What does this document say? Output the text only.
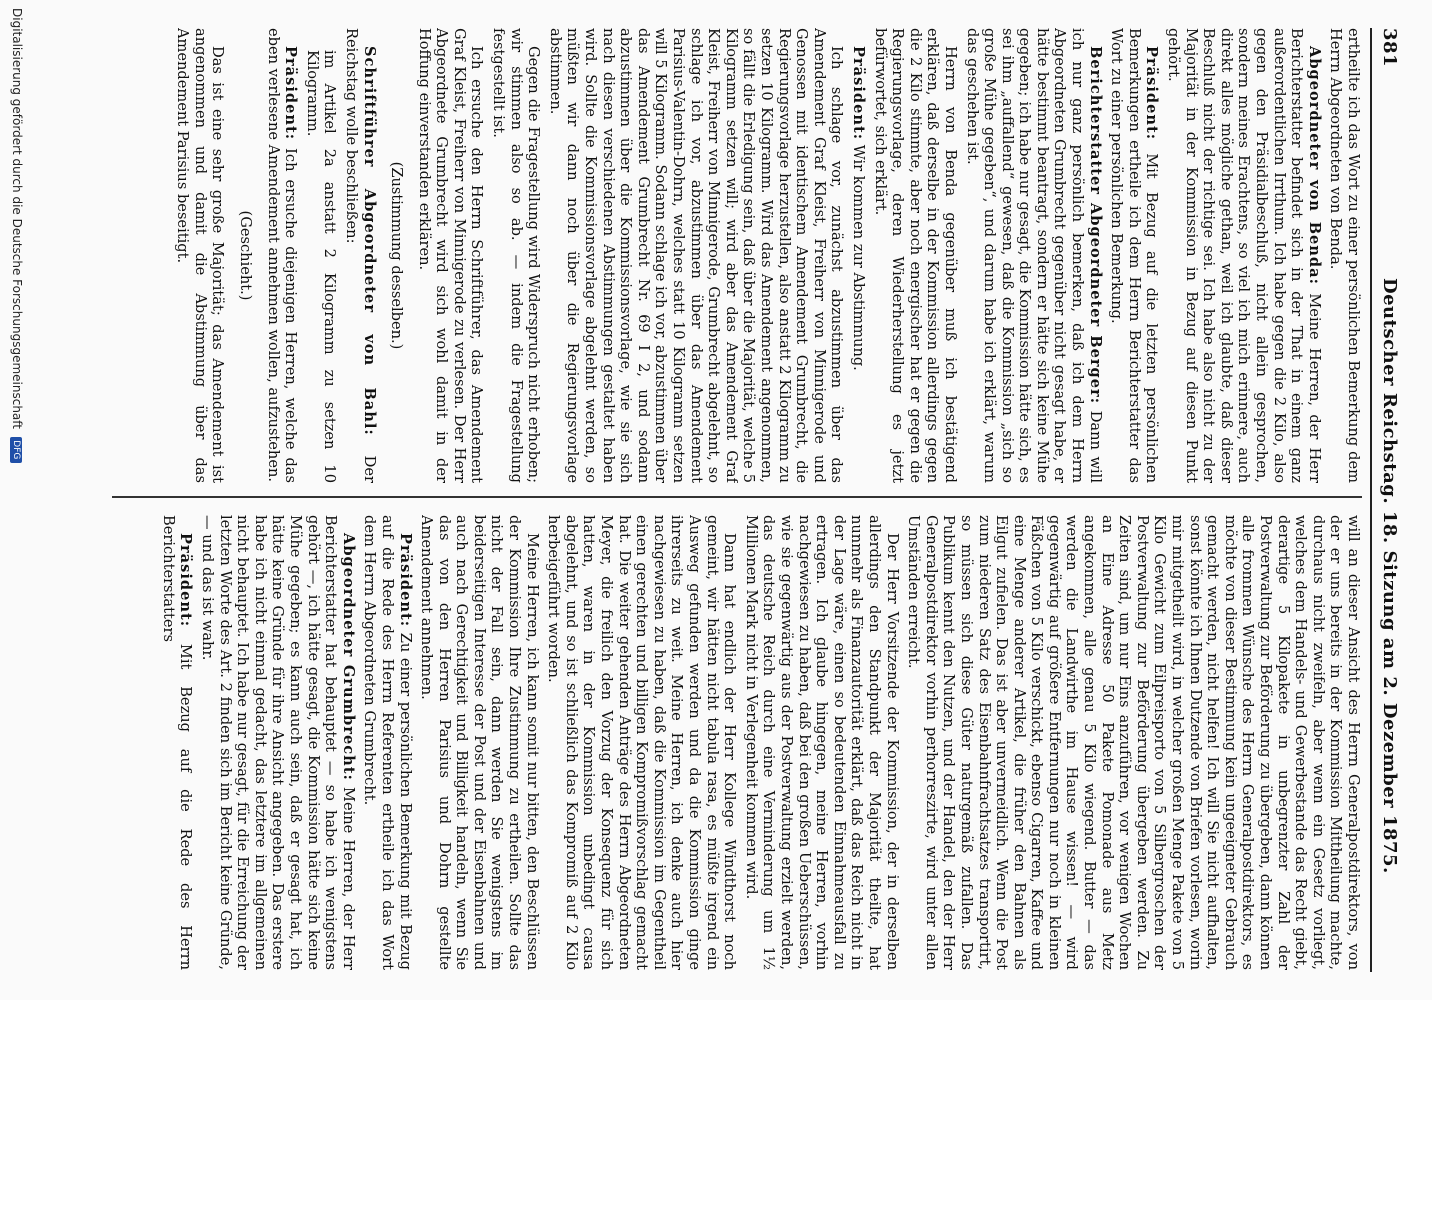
381
Deutscher Reichstag. 18. Sitzung am 2. Dezember 1875.

ertheilte ich das Wort zu einer persönlichen Bemerkung dem Herrn Abgeordneten von Benda.

Abgeordneter von Benda: Meine Herren, der Herr Berichterstatter befindet sich in der That in einem ganz außerordentlichen Irrthum. Ich habe gegen die 2 Kilo, also gegen den Präsidialbeschluß, nicht allein gesprochen, sondern meines Erachtens, so viel ich mich erinnere, auch direkt alles mögliche gethan, weil ich glaubte, daß dieser Beschluß nicht der richtige sei. Ich habe also nicht zu der Majorität in der Kommission in Bezug auf diesen Punkt gehört.

Präsident: Mit Bezug auf die letzten persönlichen Bemerkungen ertheile ich dem Herrn Berichterstatter das Wort zu einer persönlichen Bemerkung.

Berichterstatter Abgeordneter Berger: Dann will ich nur ganz persönlich bemerken, daß ich dem Herrn Abgeordneten Grumbrecht gegenüber nicht gesagt habe, er hätte bestimmt beantragt, sondern er hätte sich keine Mühe gegeben; ich habe nur gesagt, die Kommission hätte sich, es sei ihm „auffallend“ gewesen, daß die Kommission „sich so große Mühe gegeben“, und darum habe ich erklärt, warum das geschehen ist.

Herrn von Benda gegenüber muß ich bestätigend erklären, daß derselbe in der Kommission allerdings gegen die 2 Kilo stimmte, aber noch energischer hat er gegen die Regierungsvorlage, deren Wiederherstellung es jetzt befürwortet, sich erklärt.

Präsident: Wir kommen zur Abstimmung.

Ich schlage vor, zunächst abzustimmen über das Amendement Graf Kleist, Freiherr von Minnigerode und Genossen mit identischem Amendement Grumbrecht, die Regierungsvorlage herzustellen, also anstatt 2 Kilogramm zu setzen 10 Kilogramm. Wird das Amendement angenommen, so fällt die Erledigung sein, daß über die Majorität, welche 5 Kilogramm setzen will; wird aber das Amendement Graf Kleist, Freiherr von Minnigerode, Grumbrecht abgelehnt, so schlage ich vor, abzustimmen über das Amendement Parisius-Valentin-Dohrn, welches statt 10 Kilogramm setzen will 5 Kilogramm. Sodann schlage ich vor, abzustimmen über das Amendement Grumbrecht Nr. 69 I 2, und sodann abzustimmen über die Kommissionsvorlage, wie sie sich nach diesen verschiedenen Abstimmungen gestaltet haben wird. Sollte die Kommissionsvorlage abgelehnt werden, so müßten wir dann noch über die Regierungsvorlage abstimmen.

Gegen die Fragestellung wird Widerspruch nicht erhoben; wir stimmen also so ab. — indem die Fragestellung festgestellt ist.

Ich ersuche den Herrn Schriftführer, das Amendement Graf Kleist, Freiherr von Minnigerode zu verlesen. Der Herr Abgeordnete Grumbrecht wird sich wohl damit in der Hoffung einverstanden erklären.

(Zustimmung desselben.)

Schriftführer Abgeordneter von Bahl: Der Reichstag wolle beschließen:

im Artikel 2a anstatt 2 Kilogramm zu setzen 10 Kilogramm.

Präsident: Ich ersuche diejenigen Herren, welche das eben verlesene Amendement annehmen wollen, aufzustehen.

(Geschieht.)

Das ist eine sehr große Majorität; das Amendement ist angenommen und damit die Abstimmung über das Amendement Parisius beseitigt.

will an dieser Ansicht des Herrn Generalpostdirektors, von der er uns bereits in der Kommission Mittheilung machte, durchaus nicht zweifeln, aber wenn ein Gesetz vorliegt, welches dem Handels- und Gewerbestande das Recht giebt, derartige 5 Kilopakete in unbegrenzter Zahl der Postverwaltung zur Beförderung zu übergeben, dann können alle frommen Wünsche des Herrn Generalpostdirektors, es möchte von dieser Bestimmung kein ungeeigneter Gebrauch gemacht werden, nicht helfen! Ich will Sie nicht aufhalten, sonst könnte ich Ihnen Dutzende von Briefen vorlesen, worin mir mitgetheilt wird, in welcher großen Menge Pakete von 5 Kilo Gewicht zum Eilpreisporto von 5 Silbergroschen der Postverwaltung zur Beförderung übergeben werden. Zu Zeiten sind, um nur Eins anzuführen, vor wenigen Wochen an Eine Adresse 50 Pakete Pomonade aus Metz angekommen, alle genau 5 Kilo wiegend. Butter — das werden die Landwirthe im Hause wissen! — wird gegenwärtig auf größere Entfernungen nur noch in kleinen Fäßchen von 5 Kilo verschickt, ebenso Cigarren, Kaffee und eine Menge anderer Artikel, die früher den Bahnen als Eilgut zufielen. Das ist aber unvermeidlich. Wenn die Post zum niederen Satz des Eisenbahnfrachtsatzes transportirt, so müssen sich diese Güter naturgemäß zufallen. Das Publikum kennt den Nutzen, und der Handel, den der Herr Generalpostdirektor vorhin perhorreszirte, wird unter allen Umständen erreicht.

Der Herr Vorsitzende der Kommission, der in derselben allerdings den Standpunkt der Majorität theilte, hat nunmehr als Finanzautorität erklärt, daß das Reich nicht in der Lage wäre, einen so bedeutenden Einnahmeausfall zu ertragen. Ich glaube hingegen, meine Herren, vorhin nachgewiesen zu haben, daß bei den großen Ueberschüssen, wie sie gegenwärtig aus der Postverwaltung erzielt werden, das deutsche Reich durch eine Verminderung um 1½ Millionen Mark nicht in Verlegenheit kommen wird.

Dann hat endlich der Herr Kollege Windthorst noch gemeint, wir hätten nicht tabula rasa, es müßte irgend ein Ausweg gefunden werden und da die Kommission ginge ihrerseits zu weit. Meine Herren, ich denke auch hier nachgewiesen zu haben, daß die Kommission im Gegentheil einen gerechten und billigen Kompromißvorschlag gemacht hat. Die weiter gehenden Anträge des Herrn Abgeordneten Meyer, die freilich den Vorzug der Konsequenz für sich hatten, waren in der Kommission unbedingt causa abgelehnt, und so ist schließlich das Kompromiß auf 2 Kilo herbeigeführt worden.

Meine Herren, ich kann somit nur bitten, den Beschlüssen der Kommission Ihre Zustimmung zu ertheilen. Sollte das nicht der Fall sein, dann werden Sie wenigstens im beiderseitigen Interesse der Post und der Eisenbahnen und auch nach Gerechtigkeit und Billigkeit handeln, wenn Sie das von den Herren Parisius und Dohrn gestellte Amendement annehmen.

Präsident: Zu einer persönlichen Bemerkung mit Bezug auf die Rede des Herrn Referenten ertheile ich das Wort dem Herrn Abgeordneten Grumbrecht.

Abgeordneter Grumbrecht: Meine Herren, der Herr Berichterstatter hat behauptet — so habe ich wenigstens gehört —, ich hätte gesagt, die Kommission hätte sich keine Mühe gegeben; es kann auch sein, daß er gesagt hat, ich hätte keine Gründe für ihre Ansicht angegeben. Das erstere habe ich nicht einmal gedacht, das letztere im allgemeinen nicht behauptet. Ich habe nur gesagt, für die Erreichung der letzten Worte des Art. 2 finden sich im Bericht keine Gründe, — und das ist wahr.

Präsident: Mit Bezug auf die Rede des Herrn Berichterstatters

Digitalisierung gefördert durch die Deutsche Forschungsgemeinschaft DFG
